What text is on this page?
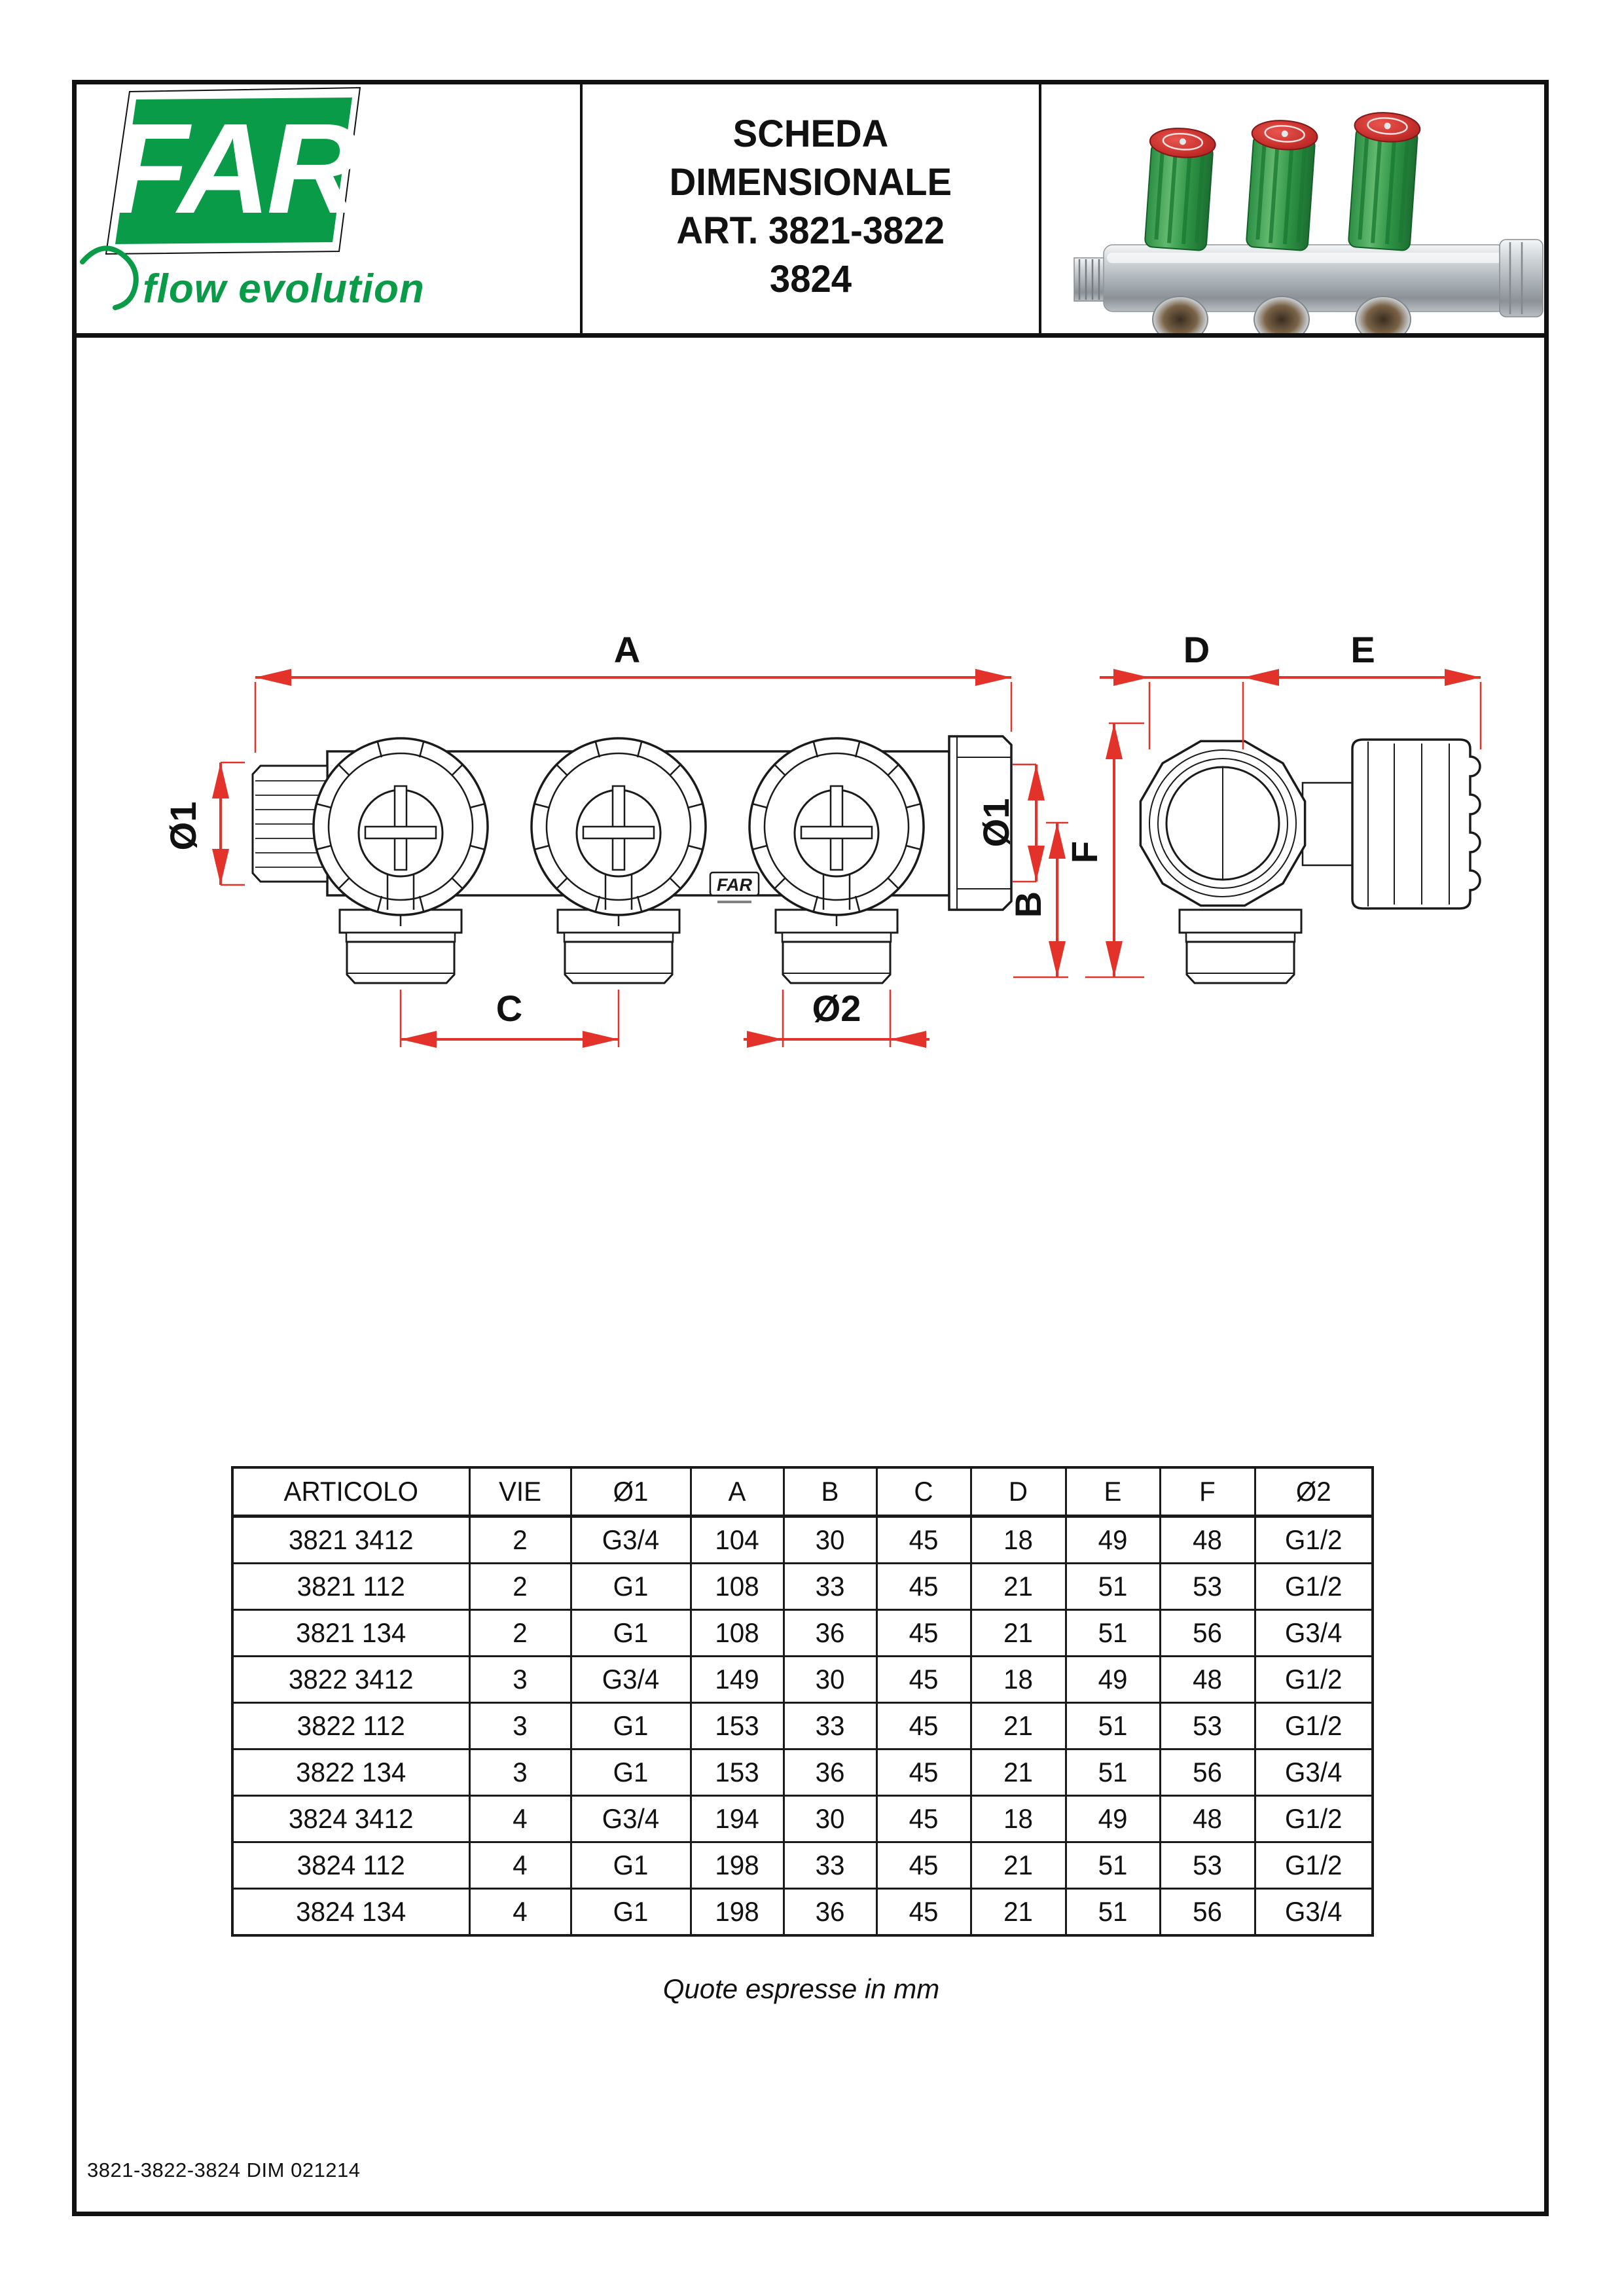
FAR
flow evolution
SCHEDA
DIMENSIONALE
ART. 3821-3822
3824
FAR
A	D	E
Ø1	Ø1
B
F
C	Ø2
ARTICOLO	VIE	Ø1	A	B	C	D	E	F	Ø2
3821 3412	2	G3/4	104	30	45	18	49	48	G1/2
3821 112	2	G1	108	33	45	21	51	53	G1/2
3821 134	2	G1	108	36	45	21	51	56	G3/4
3822 3412	3	G3/4	149	30	45	18	49	48	G1/2
3822 112	3	G1	153	33	45	21	51	53	G1/2
3822 134	3	G1	153	36	45	21	51	56	G3/4
3824 3412	4	G3/4	194	30	45	18	49	48	G1/2
3824 112	4	G1	198	33	45	21	51	53	G1/2
3824 134	4	G1	198	36	45	21	51	56	G3/4
Quote espresse in mm
3821-3822-3824 DIM 021214
